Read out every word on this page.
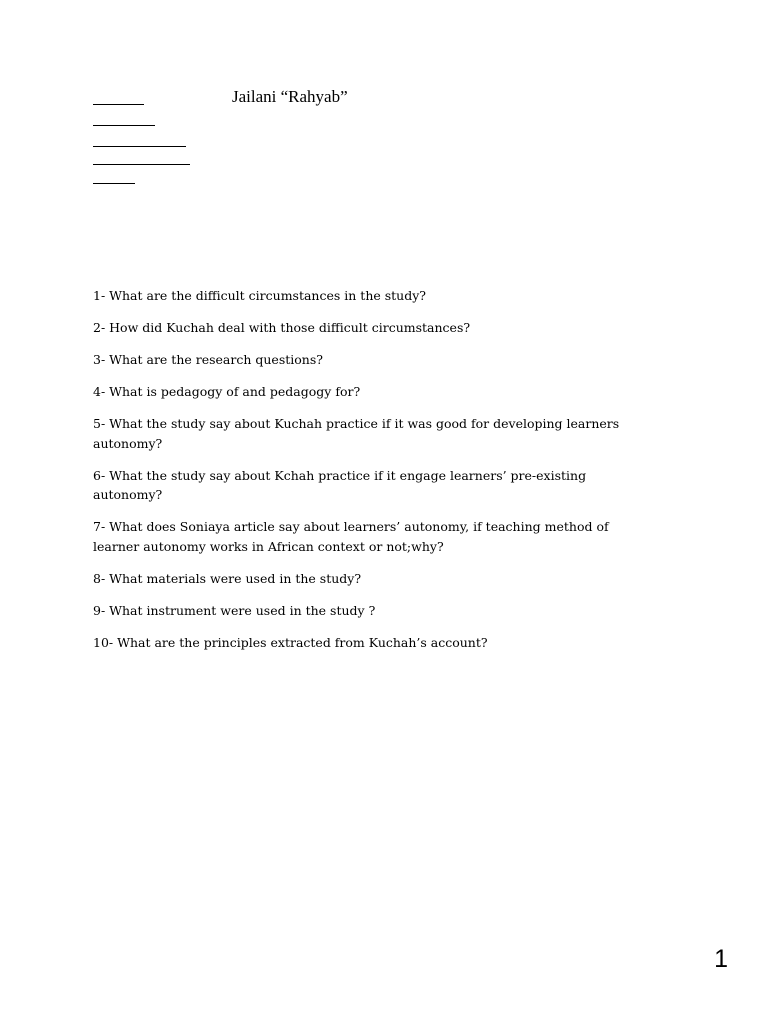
Jailani “Rahyab”
1- What are the difficult circumstances in the study?
2- How did Kuchah deal with those difficult circumstances?
3- What are the research questions?
4- What is pedagogy of and pedagogy for?
5- What the study say about Kuchah practice if it was good for developing learners autonomy?
6- What the study say about Kchah practice if it engage learners’ pre-existing autonomy?
7- What does Soniaya article say about learners’ autonomy, if teaching method of learner autonomy works in African context or not;why?
8- What materials were used in the study?
9- What instrument were used in the study ?
10- What are the principles extracted from Kuchah’s account?
1
